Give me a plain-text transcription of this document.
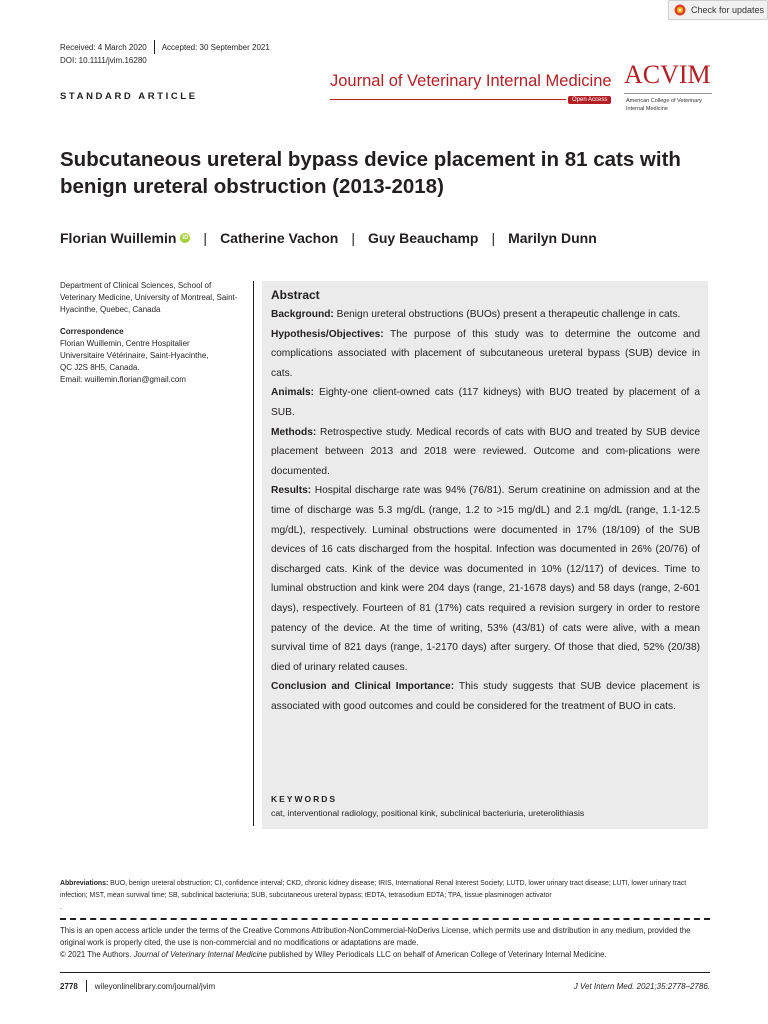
Check for updates
Received: 4 March 2020 Accepted: 30 September 2021
DOI: 10.1111/jvim.16280
STANDARD ARTICLE
Journal of Veterinary Internal Medicine
Open Access
ACVIM
American College of Veterinary Internal Medicine
Subcutaneous ureteral bypass device placement in 81 cats with benign ureteral obstruction (2013-2018)
Florian Wuillemin	iD | Catherine Vachon | Guy Beauchamp | Marilyn Dunn
Department of Clinical Sciences, School of Veterinary Medicine, University of Montreal, Saint-Hyacinthe, Quebec, Canada
Correspondence
Florian Wuillemin, Centre Hospitalier
Universitaire Vétérinaire, Saint-Hyacinthe,
QC J2S 8H5, Canada.
Email: wuillemin.florian@gmail.com
Abstract

Background: Benign ureteral obstructions (BUOs) present a therapeutic challenge in cats.

Hypothesis/Objectives: The purpose of this study was to determine the outcome and complications associated with placement of subcutaneous ureteral bypass (SUB) device in cats.

Animals: Eighty-one client-owned cats (117 kidneys) with BUO treated by placement of a SUB.

Methods: Retrospective study. Medical records of cats with BUO and treated by SUB device placement between 2013 and 2018 were reviewed. Outcome and com-plications were documented.

Results: Hospital discharge rate was 94% (76/81). Serum creatinine on admission and at the time of discharge was 5.3 mg/dL (range, 1.2 to >15 mg/dL) and 2.1 mg/dL (range, 1.1-12.5 mg/dL), respectively. Luminal obstructions were documented in 17% (18/109) of the SUB devices of 16 cats discharged from the hospital. Infection was documented in 26% (20/76) of discharged cats. Kink of the device was documented in 10% (12/117) of devices. Time to luminal obstruction and kink were 204 days (range, 21-1678 days) and 58 days (range, 2-601 days), respectively. Fourteen of 81 (17%) cats required a revision surgery in order to restore patency of the device. At the time of writing, 53% (43/81) of cats were alive, with a mean survival time of 821 days (range, 1-2170 days) after surgery. Of those that died, 52% (20/38) died of urinary related causes.

Conclusion and Clinical Importance: This study suggests that SUB device placement is associated with good outcomes and could be considered for the treatment of BUO in cats.

KEYWORDS
cat, interventional radiology, positional kink, subclinical bacteriuria, ureterolithiasis
Abbreviations: BUO, benign ureteral obstruction; CI, confidence interval; CKD, chronic kidney disease; IRIS, International Renal Interest Society; LUTD, lower urinary tract disease; LUTI, lower urinary tract infection; MST, mean survival time; SB, subclinical bacteriuria; SUB, subcutaneous ureteral bypass; tEDTA, tetrasodium EDTA; TPA, tissue plasminogen activator
.
This is an open access article under the terms of the Creative Commons Attribution-NonCommercial-NoDerivs License, which permits use and distribution in any medium, provided the original work is properly cited, the use is non-commercial and no modifications or adaptations are made.
© 2021 The Authors. Journal of Veterinary Internal Medicine published by Wiley Periodicals LLC on behalf of American College of Veterinary Internal Medicine.
2778 wileyonlinelibrary.com/journal/jvim	J Vet Intern Med. 2021;35:2778–2786.
